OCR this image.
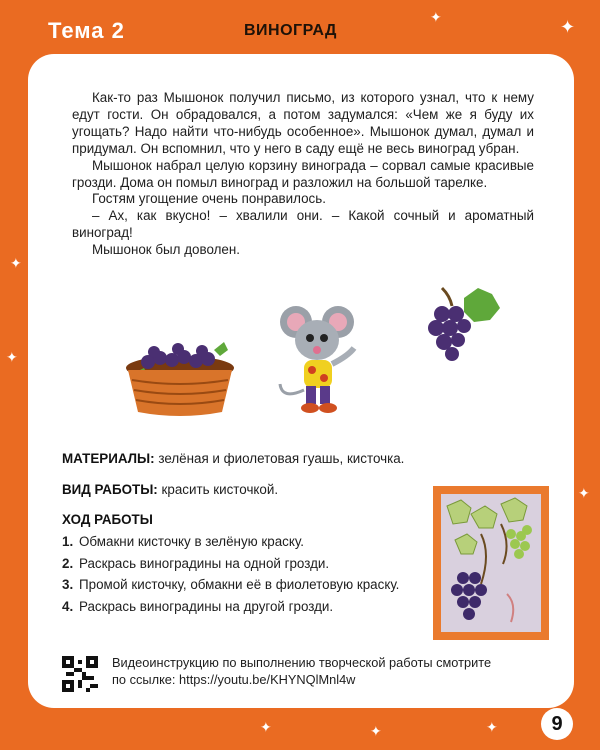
✦
✦
✦
✦
✦
✦	✦	✦
Тема 2	ВИНОГРАД

Как-то раз Мышонок получил письмо, из которого узнал, что к нему едут гости. Он обрадовался, а потом задумался: «Чем же я буду их угощать? Надо найти что-нибудь особенное». Мышонок думал, думал и придумал. Он вспомнил, что у него в саду ещё не весь виноград убран.

Мышонок набрал целую корзину винограда – сорвал самые красивые грозди. Дома он помыл виноград и разложил на большой тарелке.

Гостям угощение очень понравилось.

– Ах, как вкусно! – хвалили они. – Какой сочный и ароматный виноград!

Мышонок был доволен.

МАТЕРИАЛЫ: зелёная и фиолетовая гуашь, кисточка.
ВИД РАБОТЫ: красить кисточкой.
ХОД РАБОТЫ
1. Обмакни кисточку в зелёную краску.
2. Раскрась виноградины на одной грозди.
3. Промой кисточку, обмакни её в фиолетовую краску.
4. Раскрась виноградины на другой грозди.
Видеоинструкцию по выполнению творческой работы смотрите
по ссылке: https://youtu.be/KHYNQlMnl4w
9
